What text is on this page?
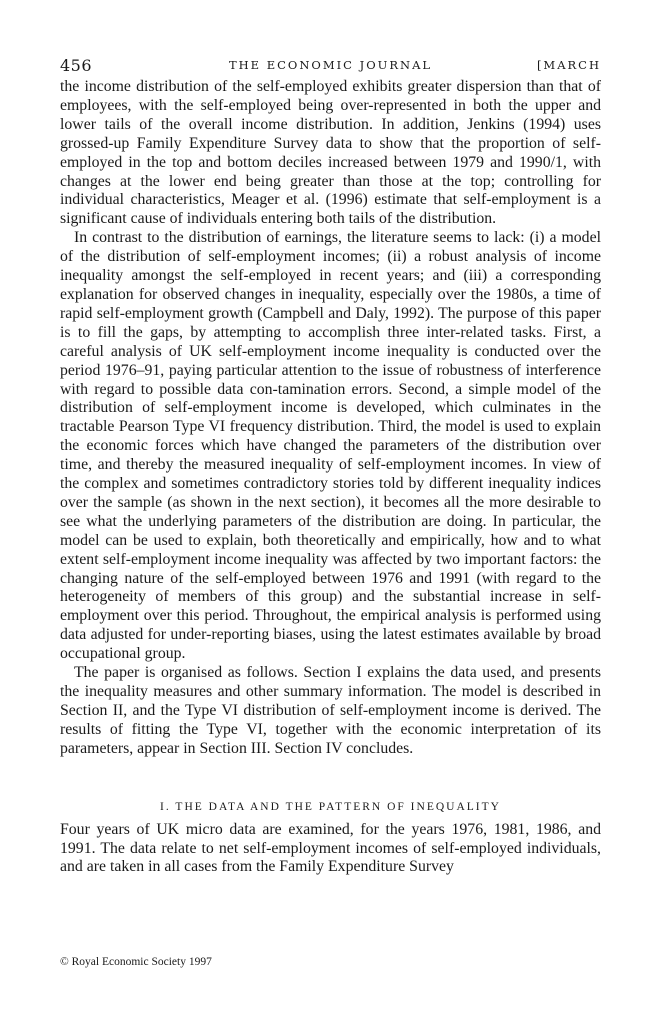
456	THE ECONOMIC JOURNAL	[MARCH

the income distribution of the self-employed exhibits greater dispersion than that of employees, with the self-employed being over-represented in both the upper and lower tails of the overall income distribution. In addition, Jenkins (1994) uses grossed-up Family Expenditure Survey data to show that the proportion of self-employed in the top and bottom deciles increased between 1979 and 1990/1, with changes at the lower end being greater than those at the top; controlling for individual characteristics, Meager et al. (1996) estimate that self-employment is a significant cause of individuals entering both tails of the distribution.

In contrast to the distribution of earnings, the literature seems to lack: (i) a model of the distribution of self-employment incomes; (ii) a robust analysis of income inequality amongst the self-employed in recent years; and (iii) a corresponding explanation for observed changes in inequality, especially over the 1980s, a time of rapid self-employment growth (Campbell and Daly, 1992). The purpose of this paper is to fill the gaps, by attempting to accomplish three inter-related tasks. First, a careful analysis of UK self-employment income inequality is conducted over the period 1976–91, paying particular attention to the issue of robustness of interference with regard to possible data con-tamination errors. Second, a simple model of the distribution of self-employment income is developed, which culminates in the tractable Pearson Type VI frequency distribution. Third, the model is used to explain the economic forces which have changed the parameters of the distribution over time, and thereby the measured inequality of self-employment incomes. In view of the complex and sometimes contradictory stories told by different inequality indices over the sample (as shown in the next section), it becomes all the more desirable to see what the underlying parameters of the distribution are doing. In particular, the model can be used to explain, both theoretically and empirically, how and to what extent self-employment income inequality was affected by two important factors: the changing nature of the self-employed between 1976 and 1991 (with regard to the heterogeneity of members of this group) and the substantial increase in self-employment over this period. Throughout, the empirical analysis is performed using data adjusted for under-reporting biases, using the latest estimates available by broad occupational group.

The paper is organised as follows. Section I explains the data used, and presents the inequality measures and other summary information. The model is described in Section II, and the Type VI distribution of self-employment income is derived. The results of fitting the Type VI, together with the economic interpretation of its parameters, appear in Section III. Section IV concludes.

I. THE DATA AND THE PATTERN OF INEQUALITY

Four years of UK micro data are examined, for the years 1976, 1981, 1986, and 1991. The data relate to net self-employment incomes of self-employed individuals, and are taken in all cases from the Family Expenditure Survey

© Royal Economic Society 1997
